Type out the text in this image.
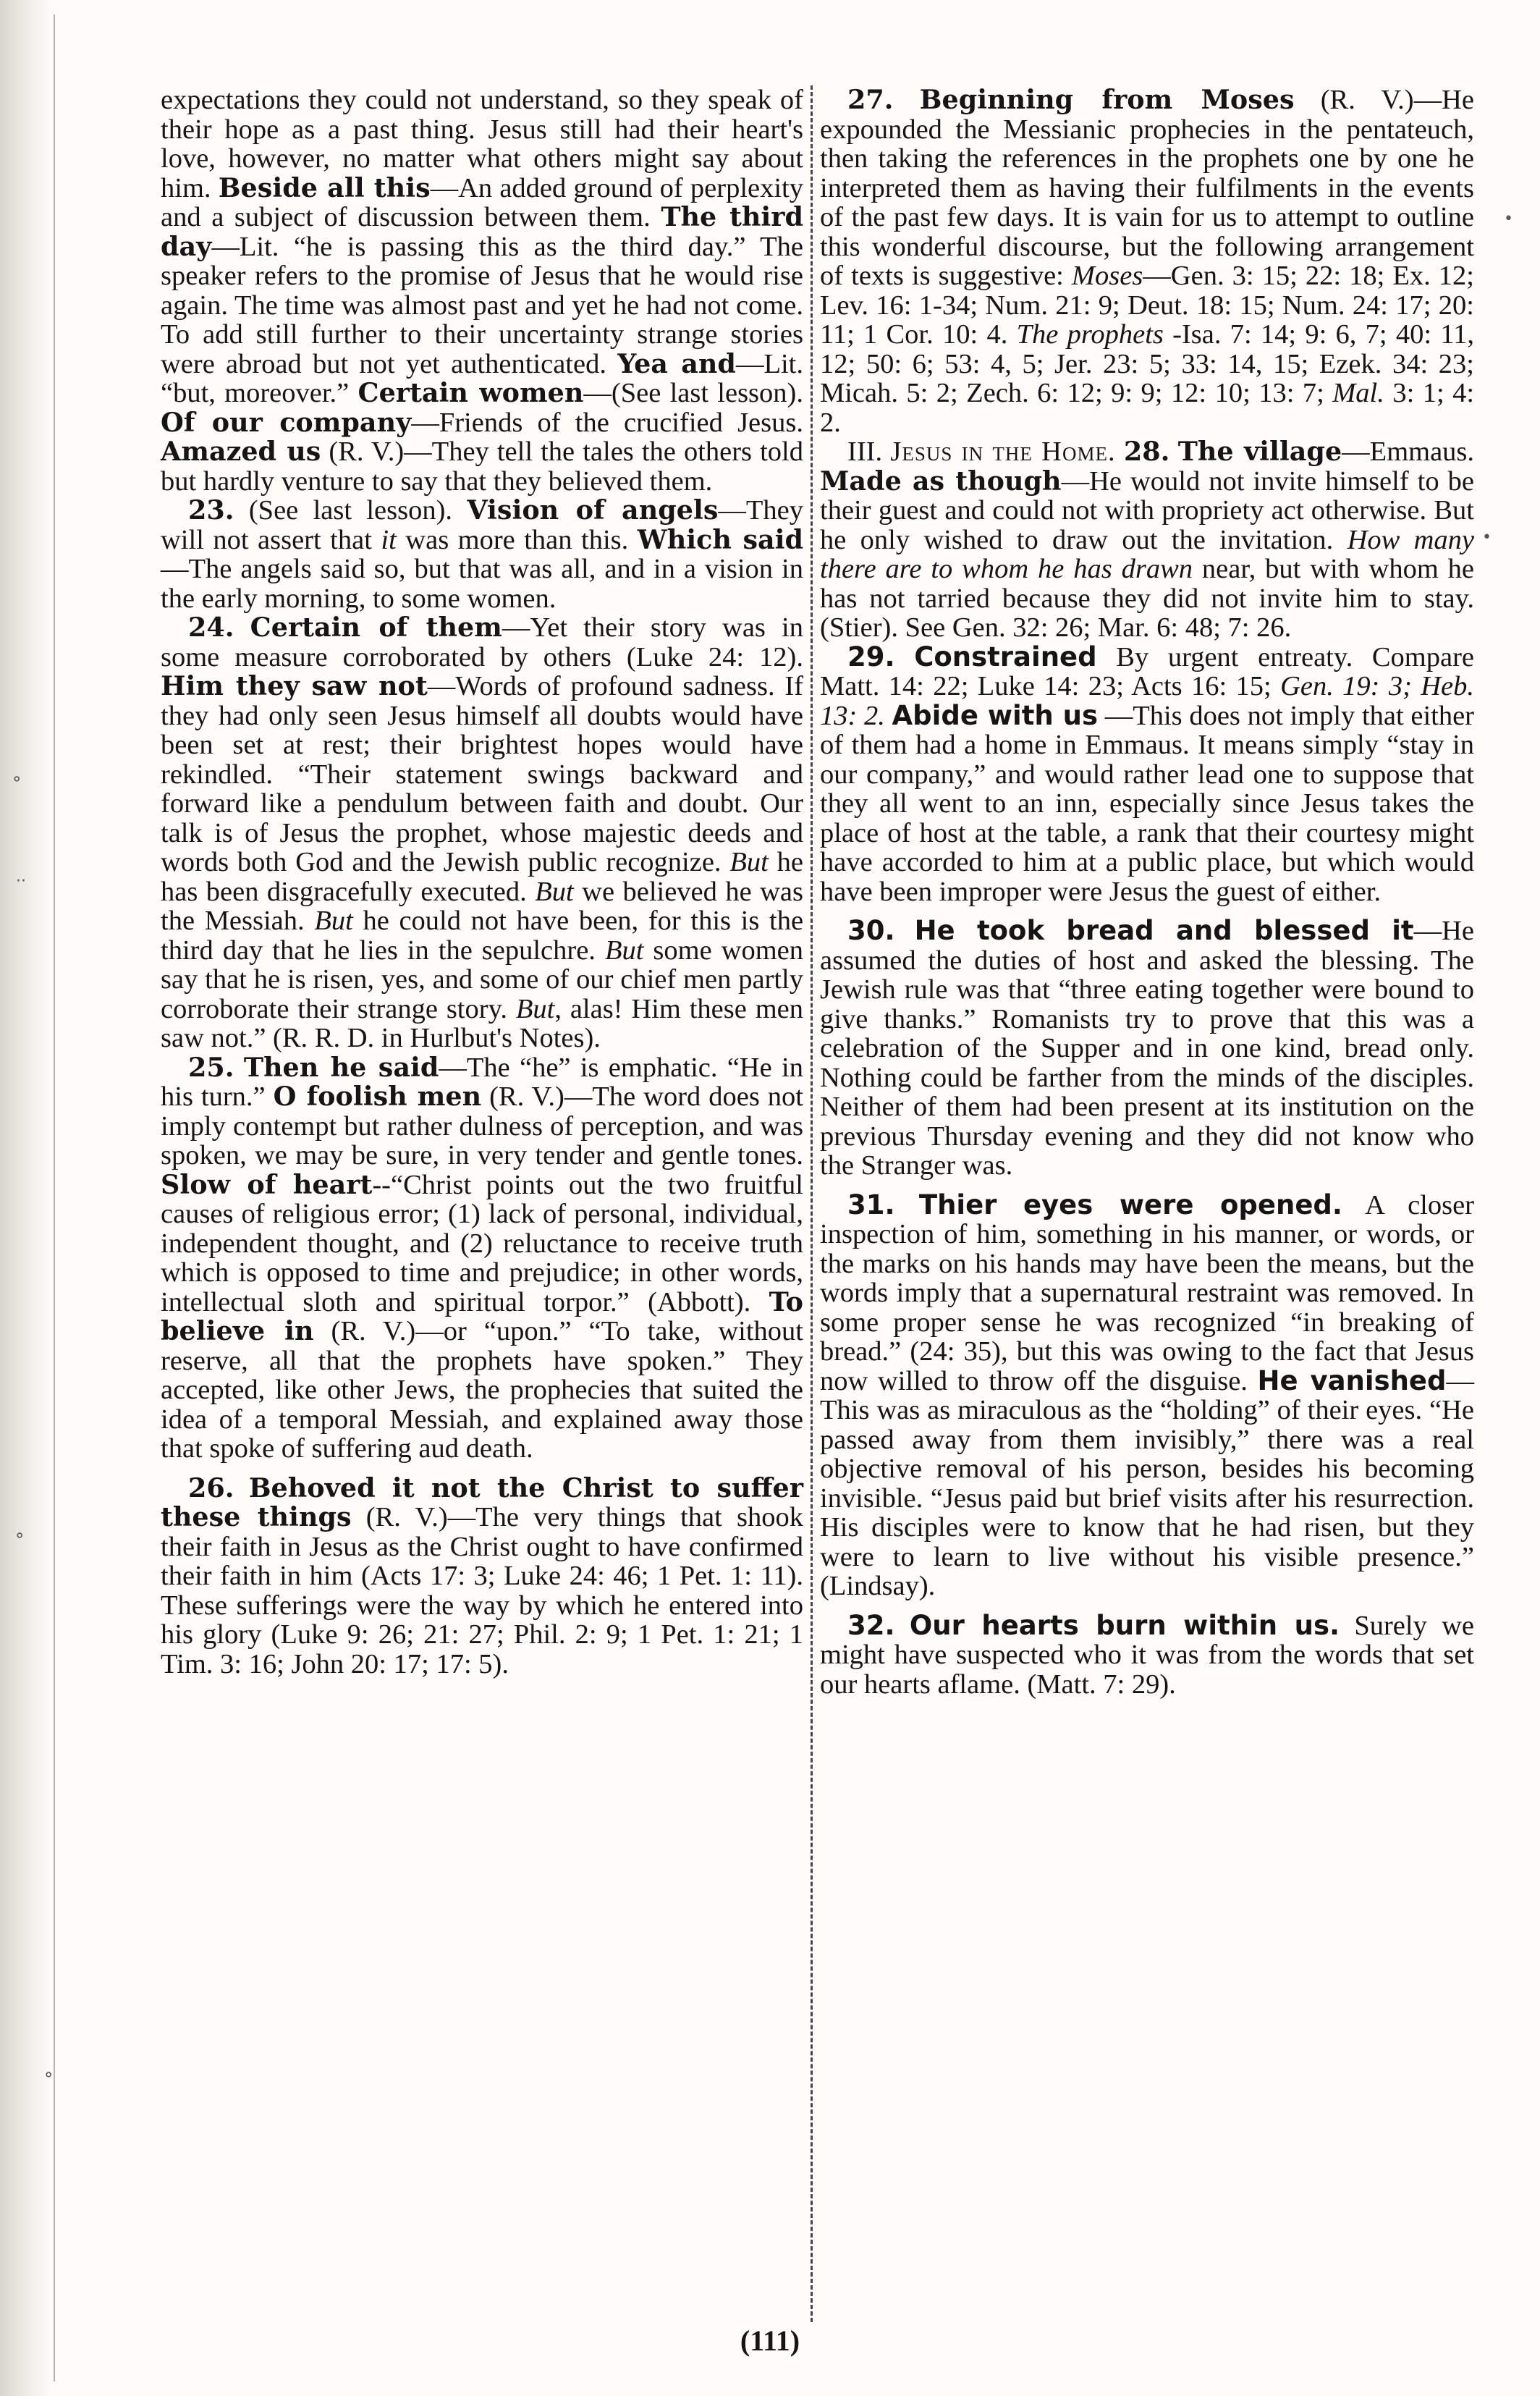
⚬
··
⚬
⚬
•
•

expectations they could not understand, so they speak of their hope as a past thing. Jesus still had their heart's love, however, no matter what others might say about him. Beside all this—An added ground of perplexity and a subject of discussion between them. The third day—Lit. “he is passing this as the third day.” The speaker refers to the promise of Jesus that he would rise again. The time was almost past and yet he had not come. To add still further to their uncertainty strange stories were abroad but not yet authenticated. Yea and—Lit. “but, moreover.” Certain women—(See last lesson). Of our company—Friends of the crucified Jesus. Amazed us (R. V.)—They tell the tales the others told but hardly venture to say that they believed them.

23. (See last lesson). Vision of angels—They will not assert that it was more than this. Which said—The angels said so, but that was all, and in a vision in the early morning, to some women.

24. Certain of them—Yet their story was in some measure corroborated by others (Luke 24: 12). Him they saw not—Words of profound sadness. If they had only seen Jesus himself all doubts would have been set at rest; their brightest hopes would have rekindled. “Their statement swings backward and forward like a pendulum between faith and doubt. Our talk is of Jesus the prophet, whose majestic deeds and words both God and the Jewish public recognize. But he has been disgracefully executed. But we believed he was the Messiah. But he could not have been, for this is the third day that he lies in the sepulchre. But some women say that he is risen, yes, and some of our chief men partly corroborate their strange story. But, alas! Him these men saw not.” (R. R. D. in Hurlbut's Notes).

25. Then he said—The “he” is emphatic. “He in his turn.” O foolish men (R. V.)—The word does not imply contempt but rather dulness of perception, and was spoken, we may be sure, in very tender and gentle tones. Slow of heart--“Christ points out the two fruitful causes of religious error; (1) lack of personal, individual, independent thought, and (2) reluctance to receive truth which is opposed to time and prejudice; in other words, intellectual sloth and spiritual torpor.” (Abbott). To believe in (R. V.)—or “upon.” “To take, without reserve, all that the prophets have spoken.” They accepted, like other Jews, the prophecies that suited the idea of a temporal Messiah, and explained away those that spoke of suffering aud death.

26. Behoved it not the Christ to suffer these things (R. V.)—The very things that shook their faith in Jesus as the Christ ought to have confirmed their faith in him (Acts 17: 3; Luke 24: 46; 1 Pet. 1: 11). These sufferings were the way by which he entered into his glory (Luke 9: 26; 21: 27; Phil. 2: 9; 1 Pet. 1: 21; 1 Tim. 3: 16; John 20: 17; 17: 5).

27. Beginning from Moses (R. V.)—He expounded the Messianic prophecies in the pentateuch, then taking the references in the prophets one by one he interpreted them as having their fulfilments in the events of the past few days. It is vain for us to attempt to outline this wonderful discourse, but the following arrangement of texts is suggestive: Moses—Gen. 3: 15; 22: 18; Ex. 12; Lev. 16: 1-34; Num. 21: 9; Deut. 18: 15; Num. 24: 17; 20: 11; 1 Cor. 10: 4. The prophets -Isa. 7: 14; 9: 6, 7; 40: 11, 12; 50: 6; 53: 4, 5; Jer. 23: 5; 33: 14, 15; Ezek. 34: 23; Micah. 5: 2; Zech. 6: 12; 9: 9; 12: 10; 13: 7; Mal. 3: 1; 4: 2.

III. Jesus in the Home. 28. The village—Emmaus. Made as though—He would not invite himself to be their guest and could not with propriety act otherwise. But he only wished to draw out the invitation. How many there are to whom he has drawn near, but with whom he has not tarried because they did not invite him to stay. (Stier). See Gen. 32: 26; Mar. 6: 48; 7: 26.

29. Constrained By urgent entreaty. Compare Matt. 14: 22; Luke 14: 23; Acts 16: 15; Gen. 19: 3; Heb. 13: 2. Abide with us —This does not imply that either of them had a home in Emmaus. It means simply “stay in our company,” and would rather lead one to suppose that they all went to an inn, especially since Jesus takes the place of host at the table, a rank that their courtesy might have accorded to him at a public place, but which would have been improper were Jesus the guest of either.

30. He took bread and blessed it—He assumed the duties of host and asked the blessing. The Jewish rule was that “three eating together were bound to give thanks.” Romanists try to prove that this was a celebration of the Supper and in one kind, bread only. Nothing could be farther from the minds of the disciples. Neither of them had been present at its institution on the previous Thursday evening and they did not know who the Stranger was.

31. Thier eyes were opened. A closer inspection of him, something in his manner, or words, or the marks on his hands may have been the means, but the words imply that a supernatural restraint was removed. In some proper sense he was recognized “in breaking of bread.” (24: 35), but this was owing to the fact that Jesus now willed to throw off the disguise. He vanished—This was as miraculous as the “holding” of their eyes. “He passed away from them invisibly,” there was a real objective removal of his person, besides his becoming invisible. “Jesus paid but brief visits after his resurrection. His disciples were to know that he had risen, but they were to learn to live without his visible presence.” (Lindsay).

32. Our hearts burn within us. Surely we might have suspected who it was from the words that set our hearts aflame. (Matt. 7: 29).

(111)
